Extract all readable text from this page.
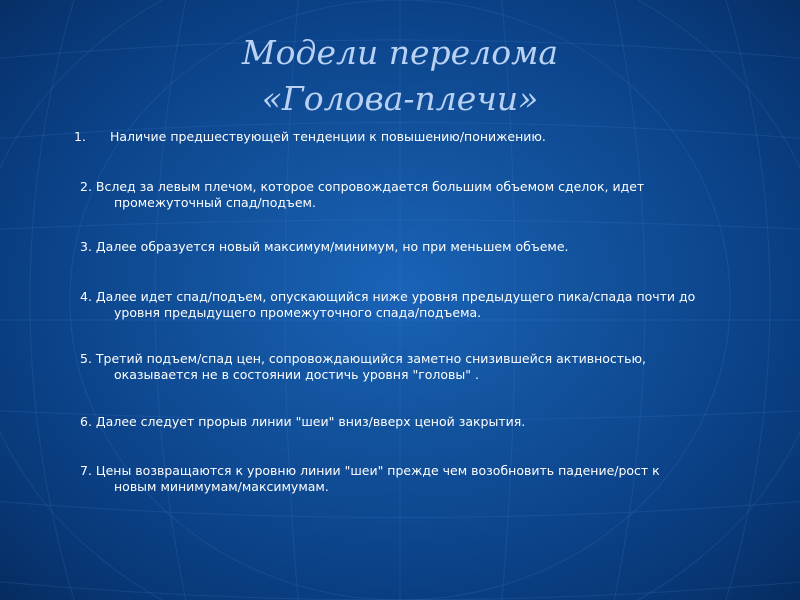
Модели перелома
«Голова-плечи»
1. Наличие предшествующей тенденции к повышению/понижению.
2. Вслед за левым плечом, которое сопровождается большим объемом сделок, идет
промежуточный спад/подъем.
3. Далее образуется новый максимум/минимум, но при меньшем объеме.
4. Далее идет спад/подъем, опускающийся ниже уровня предыдущего пика/спада почти до
уровня предыдущего промежуточного спада/подъема.
5. Третий подъем/спад цен, сопровождающийся заметно снизившейся активностью,
оказывается не в состоянии достичь уровня "головы" .
6. Далее следует прорыв линии "шеи" вниз/вверх ценой закрытия.
7. Цены возвращаются к уровню линии "шеи" прежде чем возобновить падение/рост к
новым минимумам/максимумам.
